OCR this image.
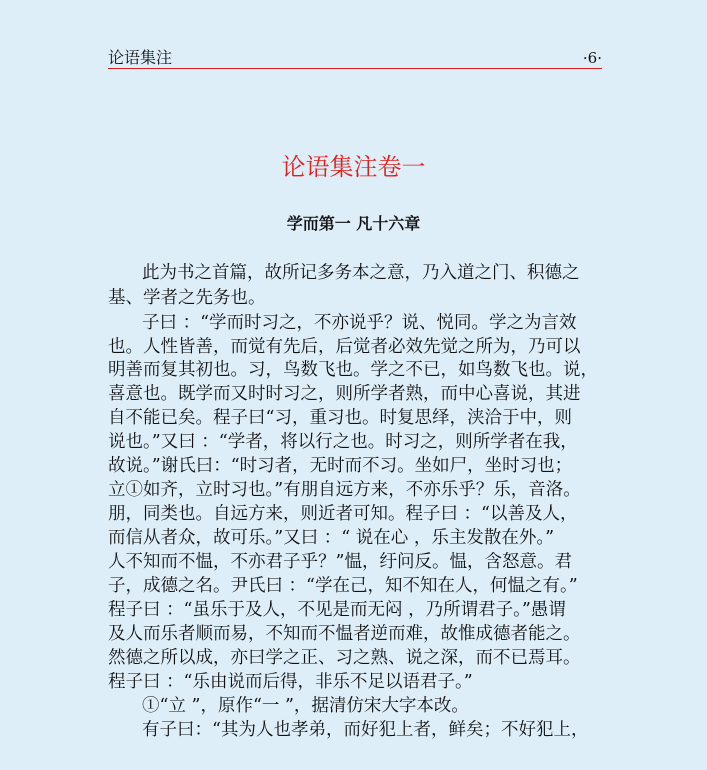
论语集注	·6·
论语集注卷一
学而第一 凡十六章
此为书之首篇，故所记多务本之意，乃入道之门、积德之
基、学者之先务也。
子曰 ：“学而时习之，不亦说乎？说、悦同。学之为言效
也。人性皆善，而觉有先后，后觉者必效先觉之所为，乃可以
明善而复其初也。习，鸟数飞也。学之不已，如鸟数飞也。说，
喜意也。既学而又时时习之，则所学者熟，而中心喜说，其进
自不能已矣。程子曰“习，重习也。时复思绎，浃洽于中，则
说也。”又曰 ：“学者，将以行之也。时习之，则所学者在我，
故说。”谢氏曰：“时习者，无时而不习。坐如尸，坐时习也；
立①如齐，立时习也。”有朋自远方来，不亦乐乎？乐，音洛。
朋，同类也。自远方来，则近者可知。程子曰 ：“以善及人，
而信从者众，故可乐。”又曰 ：“ 说在心 ，乐主发散在外。”
人不知而不愠，不亦君子乎？”愠，纡问反。愠，含怒意。君
子，成德之名。尹氏曰 ：“学在己，知不知在人，何愠之有。”
程子曰 ：“虽乐于及人，不见是而无闷 ，乃所谓君子。”愚谓
及人而乐者顺而易，不知而不愠者逆而难，故惟成德者能之。
然德之所以成，亦曰学之正、习之熟、说之深，而不已焉耳。
程子曰 ：“乐由说而后得，非乐不足以语君子。”
①“立 ”，原作“一 ”，据清仿宋大字本改。
有子曰：“其为人也孝弟，而好犯上者，鲜矣；不好犯上，
